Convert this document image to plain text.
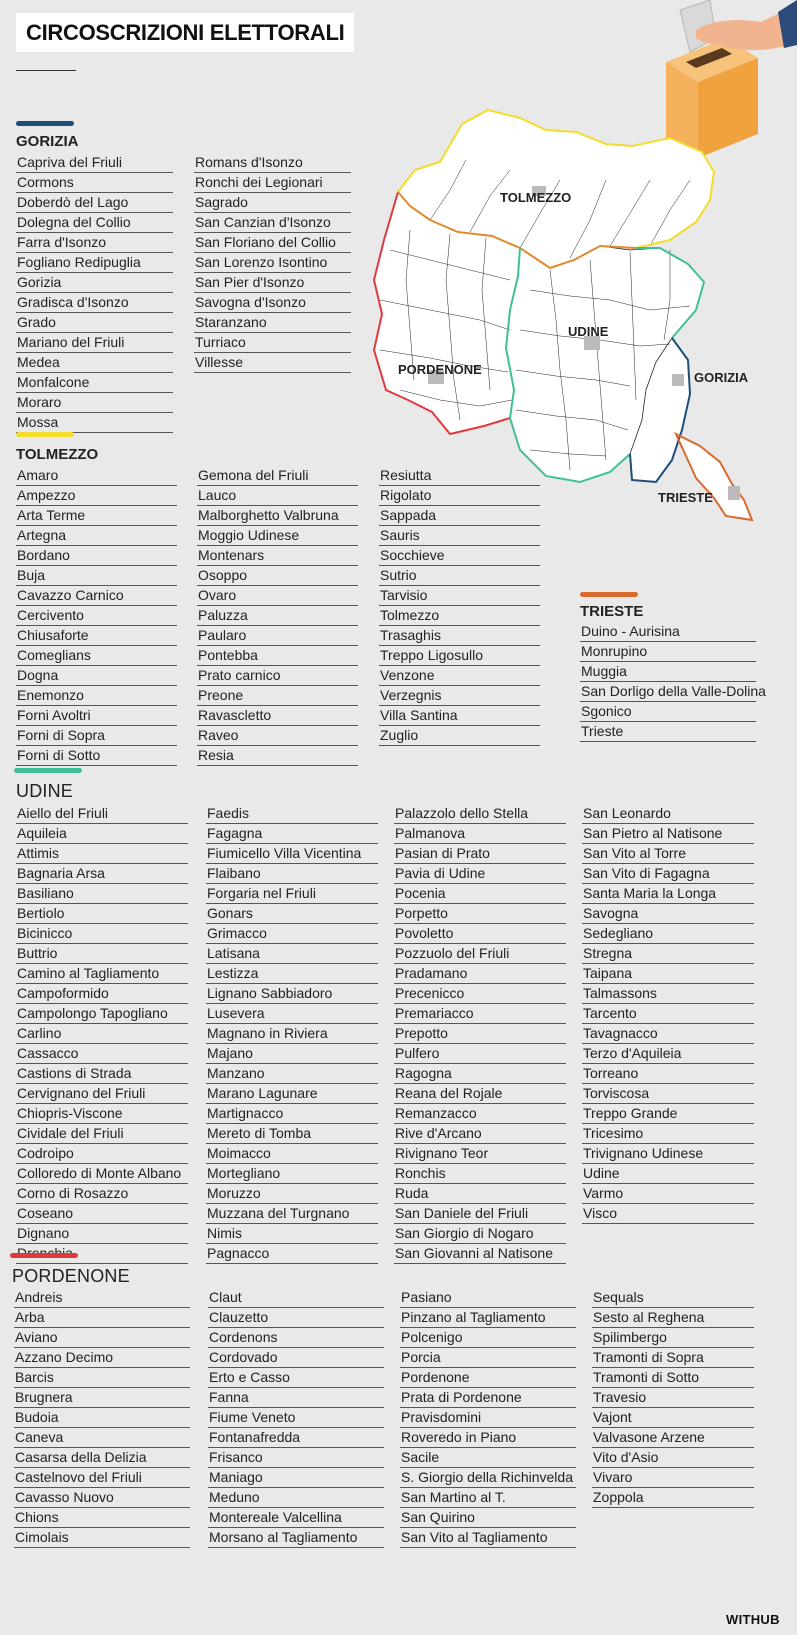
CIRCOSCRIZIONI ELETTORALI
TOLMEZZO
UDINE
PORDENONE
GORIZIA
TRIESTE
GORIZIA
Capriva del Friuli
Cormons
Doberdò del Lago
Dolegna del Collio
Farra d'Isonzo
Fogliano Redipuglia
Gorizia
Gradisca d'Isonzo
Grado
Mariano del Friuli
Medea
Monfalcone
Moraro
Mossa
Romans d'Isonzo
Ronchi dei Legionari
Sagrado
San Canzian d'Isonzo
San Floriano del Collio
San Lorenzo Isontino
San Pier d'Isonzo
Savogna d'Isonzo
Staranzano
Turriaco
Villesse
TOLMEZZO
Amaro
Ampezzo
Arta Terme
Artegna
Bordano
Buja
Cavazzo Carnico
Cercivento
Chiusaforte
Comeglians
Dogna
Enemonzo
Forni Avoltri
Forni di Sopra
Forni di Sotto
Gemona del Friuli
Lauco
Malborghetto Valbruna
Moggio Udinese
Montenars
Osoppo
Ovaro
Paluzza
Paularo
Pontebba
Prato carnico
Preone
Ravascletto
Raveo
Resia
Resiutta
Rigolato
Sappada
Sauris
Socchieve
Sutrio
Tarvisio
Tolmezzo
Trasaghis
Treppo Ligosullo
Venzone
Verzegnis
Villa Santina
Zuglio
TRIESTE
Duino - Aurisina
Monrupino
Muggia
San Dorligo della Valle-Dolina
Sgonico
Trieste
UDINE
Aiello del Friuli
Aquileia
Attimis
Bagnaria Arsa
Basiliano
Bertiolo
Bicinicco
Buttrio
Camino al Tagliamento
Campoformido
Campolongo Tapogliano
Carlino
Cassacco
Castions di Strada
Cervignano del Friuli
Chiopris-Viscone
Cividale del Friuli
Codroipo
Colloredo di Monte Albano
Corno di Rosazzo
Coseano
Dignano
Faedis
Fagagna
Fiumicello Villa Vicentina
Flaibano
Forgaria nel Friuli
Gonars
Grimacco
Latisana
Lestizza
Lignano Sabbiadoro
Lusevera
Magnano in Riviera
Majano
Manzano
Marano Lagunare
Martignacco
Mereto di Tomba
Moimacco
Mortegliano
Moruzzo
Muzzana del Turgnano
Nimis
Pagnacco
Palazzolo dello Stella
Palmanova
Pasian di Prato
Pavia di Udine
Pocenia
Porpetto
Povoletto
Pozzuolo del Friuli
Pradamano
Precenicco
Premariacco
Prepotto
Pulfero
Ragogna
Reana del Rojale
Remanzacco
Rive d'Arcano
Rivignano Teor
Ronchis
Ruda
San Daniele del Friuli
San Giorgio di Nogaro
San Giovanni al Natisone
San Leonardo
San Pietro al Natisone
San Vito al Torre
San Vito di Fagagna
Santa Maria la Longa
Savogna
Sedegliano
Stregna
Taipana
Talmassons
Tarcento
Tavagnacco
Terzo d'Aquileia
Torreano
Torviscosa
Treppo Grande
Tricesimo
Trivignano Udinese
Udine
Varmo
Visco
PORDENONE
Andreis
Arba
Aviano
Azzano Decimo
Barcis
Brugnera
Budoia
Caneva
Casarsa della Delizia
Castelnovo del Friuli
Cavasso Nuovo
Chions
Cimolais
Claut
Clauzetto
Cordenons
Cordovado
Erto e Casso
Fanna
Fiume Veneto
Fontanafredda
Frisanco
Maniago
Meduno
Montereale Valcellina
Morsano al Tagliamento
Pasiano
Pinzano al Tagliamento
Polcenigo
Porcia
Pordenone
Prata di Pordenone
Pravisdomini
Roveredo in Piano
Sacile
S. Giorgio della Richinvelda
San Martino al T.
San Quirino
San Vito al Tagliamento
Sequals
Sesto al Reghena
Spilimbergo
Tramonti di Sopra
Tramonti di Sotto
Travesio
Vajont
Valvasone Arzene
Vito d'Asio
Vivaro
Zoppola
WITHUB
